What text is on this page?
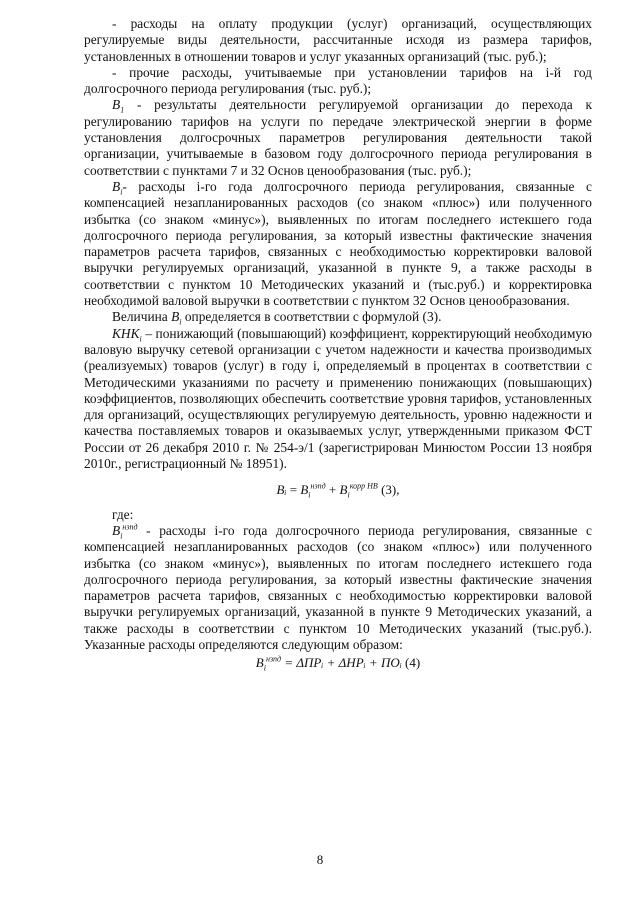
- расходы на оплату продукции (услуг) организаций, осуществляющих регулируемые виды деятельности, рассчитанные исходя из размера тарифов, установленных в отношении товаров и услуг указанных организаций (тыс. руб.);

- прочие расходы, учитываемые при установлении тарифов на i-й год долгосрочного периода регулирования (тыс. руб.);

$B_1$ - результаты деятельности регулируемой организации до перехода к регулированию тарифов на услуги по передаче электрической энергии в форме установления долгосрочных параметров регулирования деятельности такой организации, учитываемые в базовом году долгосрочного периода регулирования в соответствии с пунктами 7 и 32 Основ ценообразования (тыс. руб.);

$B_i-$ расходы i-го года долгосрочного периода регулирования, связанные с компенсацией незапланированных расходов (со знаком «плюс») или полученного избытка (со знаком «минус»), выявленных по итогам последнего истекшего года долгосрочного периода регулирования, за который известны фактические значения параметров расчета тарифов, связанных с необходимостью корректировки валовой выручки регулируемых организаций, указанной в пункте 9, а также расходы в соответствии с пунктом 10 Методических указаний и (тыс.руб.) и корректировка необходимой валовой выручки в соответствии с пунктом 32 Основ ценообразования.

Величина $B_i$ определяется в соответствии с формулой (3).

$KHK_i$ – понижающий (повышающий) коэффициент, корректирующий необходимую валовую выручку сетевой организации с учетом надежности и качества производимых (реализуемых) товаров (услуг) в году i, определяемый в процентах в соответствии с Методическими указаниями по расчету и применению понижающих (повышающих) коэффициентов, позволяющих обеспечить соответствие уровня тарифов, установленных для организаций, осуществляющих регулируемую деятельность, уровню надежности и качества поставляемых товаров и оказываемых услуг, утвержденными приказом ФСТ России от 26 декабря 2010 г. № 254-э/1 (зарегистрирован Минюстом России 13 ноября 2010г., регистрационный № 18951).

Bᵢ = $B_i^{нзпд} + B_i^{корр НВ}$ (3),

где:

$B_i^{нзпд}$ - расходы i-го года долгосрочного периода регулирования, связанные с компенсацией незапланированных расходов (со знаком «плюс») или полученного избытка (со знаком «минус»), выявленных по итогам последнего истекшего года долгосрочного периода регулирования, за который известны фактические значения параметров расчета тарифов, связанных с необходимостью корректировки валовой выручки регулируемых организаций, указанной в пункте 9 Методических указаний, а также расходы в соответствии с пунктом 10 Методических указаний (тыс.руб.). Указанные расходы определяются следующим образом:

$B_i^{нзпд}$ = ΔПРᵢ + ΔНРᵢ + ПОᵢ (4)
8
